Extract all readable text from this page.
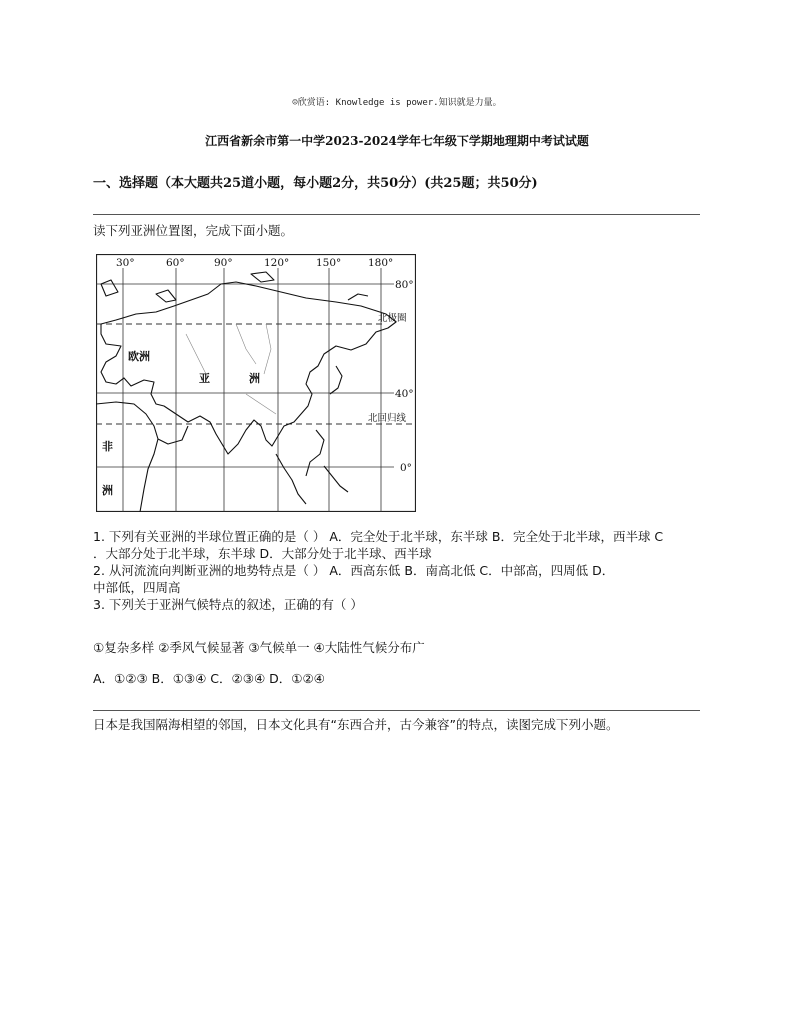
☺欣赏语: Knowledge is power.知识就是力量。
江西省新余市第一中学2023-2024学年七年级下学期地理期中考试试题
一、选择题（本大题共25道小题，每小题2分，共50分）(共25题；共50分)
读下列亚洲位置图，完成下面小题。
30°	60°	90°	120°	150°	180°
80°
40°
0°
北极圈
北回归线
欧洲
亚	洲
非
洲
1. 下列有关亚洲的半球位置正确的是（ ） A．完全处于北半球，东半球 B．完全处于北半球，西半球 C
．大部分处于北半球，东半球 D．大部分处于北半球、西半球
2. 从河流流向判断亚洲的地势特点是（ ） A．西高东低 B．南高北低 C．中部高，四周低 D．
中部低，四周高
3. 下列关于亚洲气候特点的叙述，正确的有（ ）
①复杂多样 ②季风气候显著 ③气候单一 ④大陆性气候分布广
A．①②③ B．①③④ C．②③④ D．①②④
日本是我国隔海相望的邻国，日本文化具有“东西合并，古今兼容”的特点，读图完成下列小题。
